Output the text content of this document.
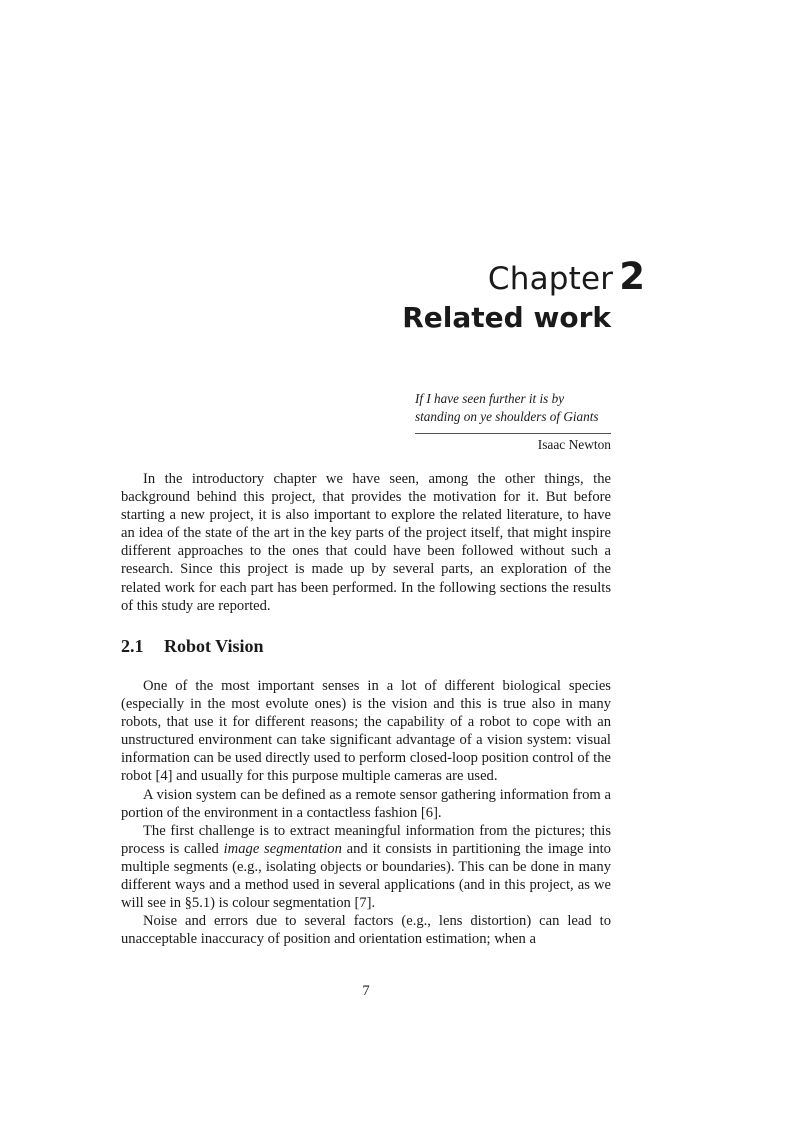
Chapter 2
Related work
If I have seen further it is by
standing on ye shoulders of Giants
Isaac Newton

In the introductory chapter we have seen, among the other things, the background behind this project, that provides the motivation for it. But before starting a new project, it is also important to explore the related literature, to have an idea of the state of the art in the key parts of the project itself, that might inspire different approaches to the ones that could have been followed without such a research. Since this project is made up by several parts, an exploration of the related work for each part has been performed. In the following sections the results of this study are reported.

2.1 Robot Vision

One of the most important senses in a lot of different biological species (especially in the most evolute ones) is the vision and this is true also in many robots, that use it for different reasons; the capability of a robot to cope with an unstructured environment can take significant advantage of a vision system: visual information can be used directly used to perform closed-loop position control of the robot [4] and usually for this purpose multiple cameras are used.

A vision system can be defined as a remote sensor gathering information from a portion of the environment in a contactless fashion [6].

The first challenge is to extract meaningful information from the pictures; this process is called image segmentation and it consists in partitioning the image into multiple segments (e.g., isolating objects or boundaries). This can be done in many different ways and a method used in several applications (and in this project, as we will see in §5.1) is colour segmentation [7].

Noise and errors due to several factors (e.g., lens distortion) can lead to unacceptable inaccuracy of position and orientation estimation; when a

7
